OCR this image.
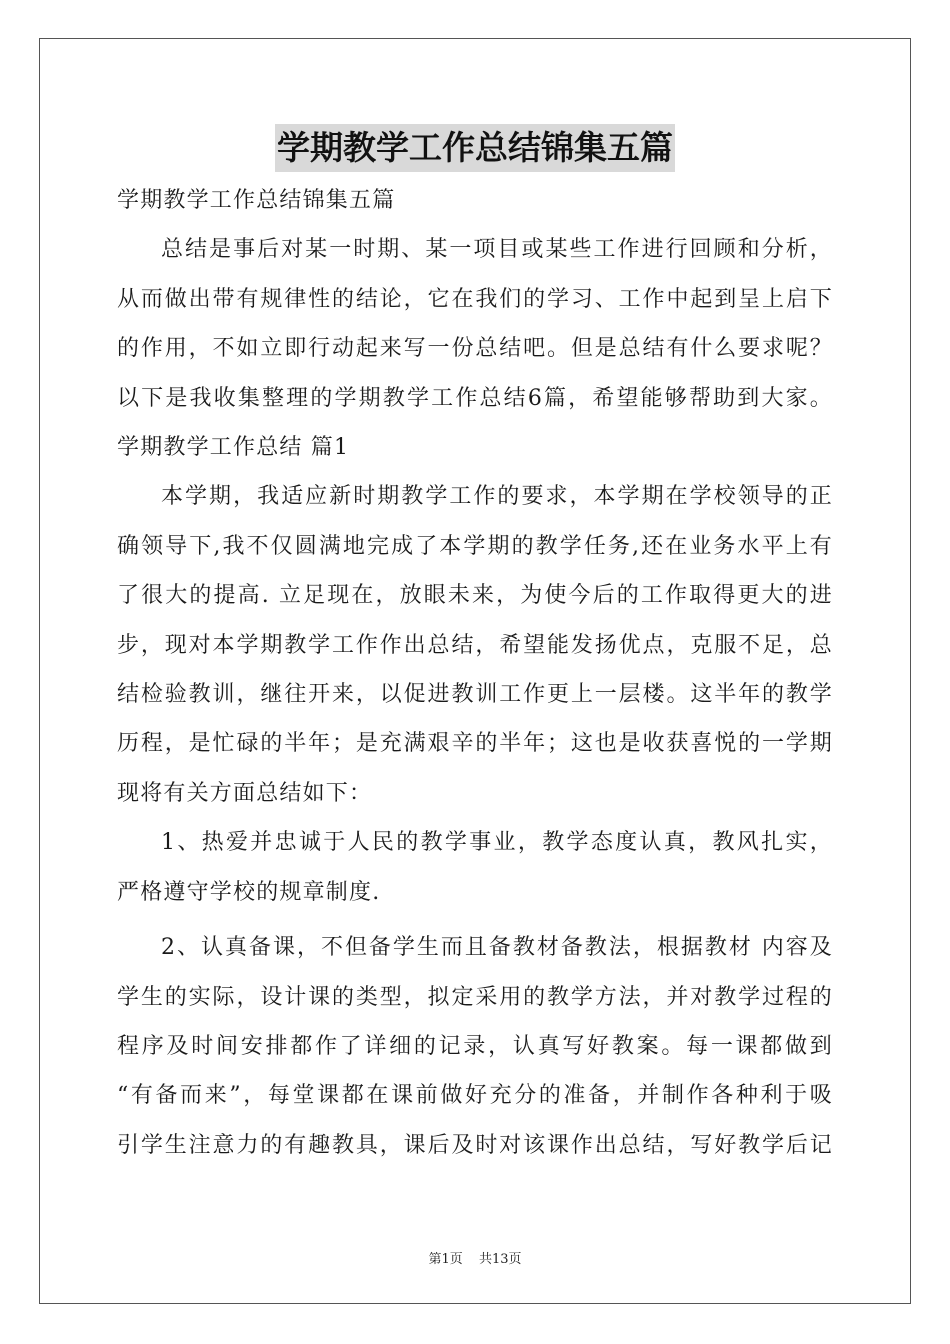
学期教学工作总结锦集五篇
学期教学工作总结锦集五篇
总结是事后对某一时期、某一项目或某些工作进行回顾和分析，
从而做出带有规律性的结论，它在我们的学习、工作中起到呈上启下
的作用，不如立即行动起来写一份总结吧。但是总结有什么要求呢？
以下是我收集整理的学期教学工作总结6篇，希望能够帮助到大家。
学期教学工作总结 篇1
本学期，我适应新时期教学工作的要求，本学期在学校领导的正
确领导下,我不仅圆满地完成了本学期的教学任务,还在业务水平上有
了很大的提高. 立足现在，放眼未来，为使今后的工作取得更大的进
步，现对本学期教学工作作出总结，希望能发扬优点，克服不足，总
结检验教训，继往开来，以促进教训工作更上一层楼。这半年的教学
历程，是忙碌的半年；是充满艰辛的半年；这也是收获喜悦的一学期
现将有关方面总结如下：
1、热爱并忠诚于人民的教学事业，教学态度认真，教风扎实，
严格遵守学校的规章制度.
2、认真备课，不但备学生而且备教材备教法，根据教材 内容及
学生的实际，设计课的类型，拟定采用的教学方法，并对教学过程的
程序及时间安排都作了详细的记录，认真写好教案。每一课都做到
“有备而来”，每堂课都在课前做好充分的准备，并制作各种利于吸
引学生注意力的有趣教具，课后及时对该课作出总结，写好教学后记
第1页 共13页
